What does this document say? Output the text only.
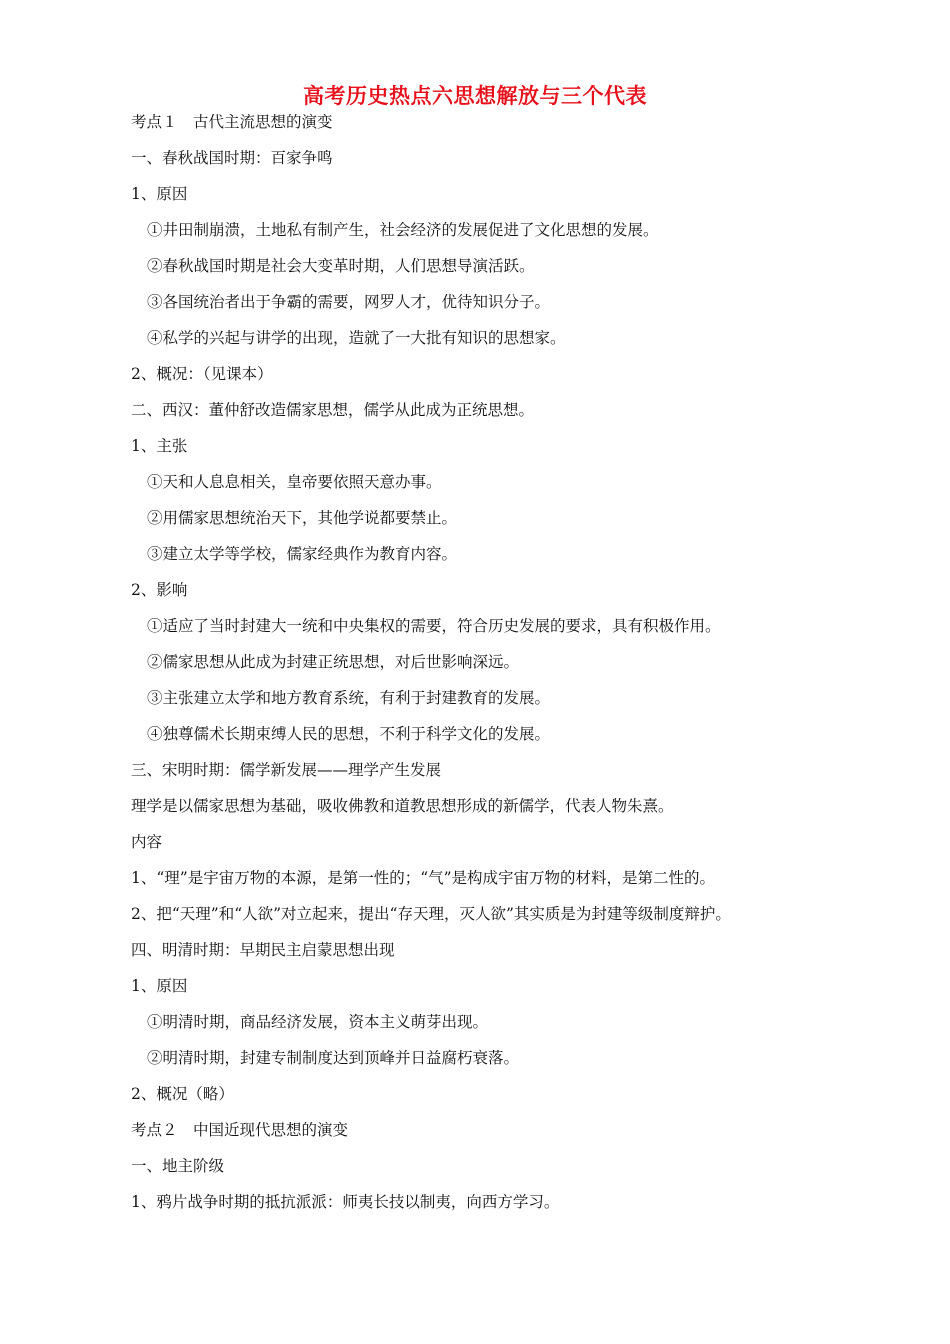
高考历史热点六思想解放与三个代表
考点１　古代主流思想的演变
一、春秋战国时期：百家争鸣
1、原因
①井田制崩溃，土地私有制产生，社会经济的发展促进了文化思想的发展。
②春秋战国时期是社会大变革时期，人们思想导演活跃。
③各国统治者出于争霸的需要，网罗人才，优待知识分子。
④私学的兴起与讲学的出现，造就了一大批有知识的思想家。
2、概况：（见课本）
二、西汉：董仲舒改造儒家思想，儒学从此成为正统思想。
1、主张
①天和人息息相关，皇帝要依照天意办事。
②用儒家思想统治天下，其他学说都要禁止。
③建立太学等学校，儒家经典作为教育内容。
2、影响
①适应了当时封建大一统和中央集权的需要，符合历史发展的要求，具有积极作用。
②儒家思想从此成为封建正统思想，对后世影响深远。
③主张建立太学和地方教育系统，有利于封建教育的发展。
④独尊儒术长期束缚人民的思想，不利于科学文化的发展。
三、宋明时期：儒学新发展——理学产生发展
理学是以儒家思想为基础，吸收佛教和道教思想形成的新儒学，代表人物朱熹。
内容
1、“理”是宇宙万物的本源，是第一性的；“气”是构成宇宙万物的材料，是第二性的。
2、把“天理”和“人欲”对立起来，提出“存天理，灭人欲”其实质是为封建等级制度辩护。
四、明清时期：早期民主启蒙思想出现
1、原因
①明清时期，商品经济发展，资本主义萌芽出现。
②明清时期，封建专制制度达到顶峰并日益腐朽衰落。
2、概况（略）
考点２　中国近现代思想的演变
一、地主阶级
1、鸦片战争时期的抵抗派派：师夷长技以制夷，向西方学习。
